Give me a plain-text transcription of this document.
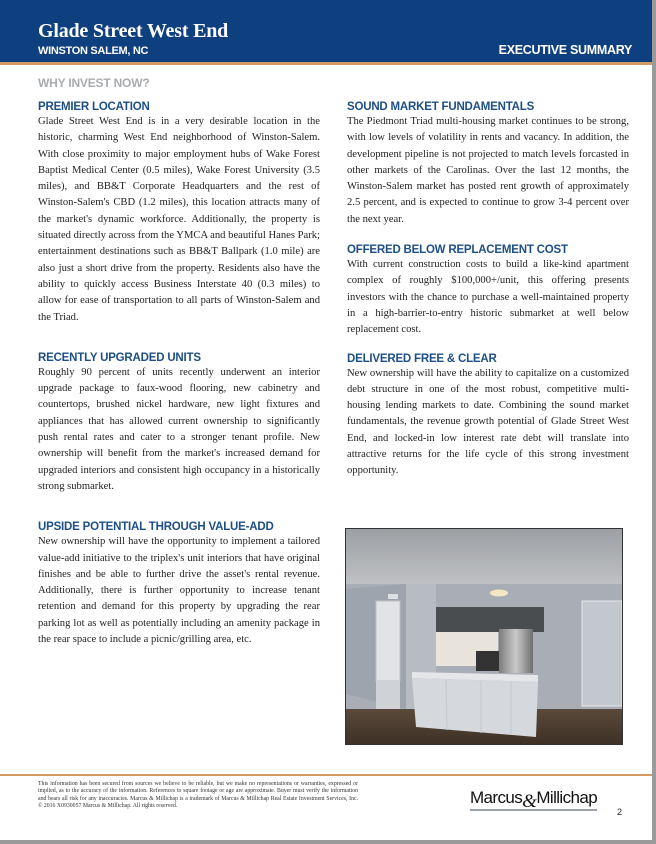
Glade Street West End
WINSTON SALEM, NC	EXECUTIVE SUMMARY
WHY INVEST NOW?
PREMIER LOCATION

Glade Street West End is in a very desirable location in the historic, charming West End neighborhood of Winston-Salem. With close proximity to major employment hubs of Wake Forest Baptist Medical Center (0.5 miles), Wake Forest University (3.5 miles), and BB&T Corporate Headquarters and the rest of Winston-Salem's CBD (1.2 miles), this location attracts many of the market's dynamic workforce. Additionally, the property is situated directly across from the YMCA and beautiful Hanes Park; entertainment destinations such as BB&T Ballpark (1.0 mile) are also just a short drive from the property. Residents also have the ability to quickly access Business Interstate 40 (0.3 miles) to allow for ease of transportation to all parts of Winston-Salem and the Triad.

RECENTLY UPGRADED UNITS

Roughly 90 percent of units recently underwent an interior upgrade package to faux-wood flooring, new cabinetry and countertops, brushed nickel hardware, new light fixtures and appliances that has allowed current ownership to significantly push rental rates and cater to a stronger tenant profile. New ownership will benefit from the market's increased demand for upgraded interiors and consistent high occupancy in a historically strong submarket.

UPSIDE POTENTIAL THROUGH VALUE-ADD

New ownership will have the opportunity to implement a tailored value-add initiative to the triplex's unit interiors that have original finishes and be able to further drive the asset's rental revenue. Additionally, there is further opportunity to increase tenant retention and demand for this property by upgrading the rear parking lot as well as potentially including an amenity package in the rear space to include a picnic/grilling area, etc.

SOUND MARKET FUNDAMENTALS

The Piedmont Triad multi-housing market continues to be strong, with low levels of volatility in rents and vacancy. In addition, the development pipeline is not projected to match levels forcasted in other markets of the Carolinas. Over the last 12 months, the Winston-Salem market has posted rent growth of approximately 2.5 percent, and is expected to continue to grow 3-4 percent over the next year.

OFFERED BELOW REPLACEMENT COST

With current construction costs to build a like-kind apartment complex of roughly $100,000+/unit, this offering presents investors with the chance to purchase a well-maintained property in a high-barrier-to-entry historic submarket at well below replacement cost.

DELIVERED FREE & CLEAR

New ownership will have the ability to capitalize on a customized debt structure in one of the most robust, competitive multi-housing lending markets to date. Combining the sound market fundamentals, the revenue growth potential of Glade Street West End, and locked-in low interest rate debt will translate into attractive returns for the life cycle of this strong investment opportunity.

This information has been secured from sources we believe to be reliable, but we make no representations or warranties, expressed or implied, as to the accuracy of the information. References to square footage or age are approximate. Buyer must verify the information and bears all risk for any inaccuracies. Marcus & Millichap is a trademark of Marcus & Millichap Real Estate Investment Services, Inc. © 2016 X0930057 Marcus & Millichap. All rights reserved.	Marcus&Millichap
2
